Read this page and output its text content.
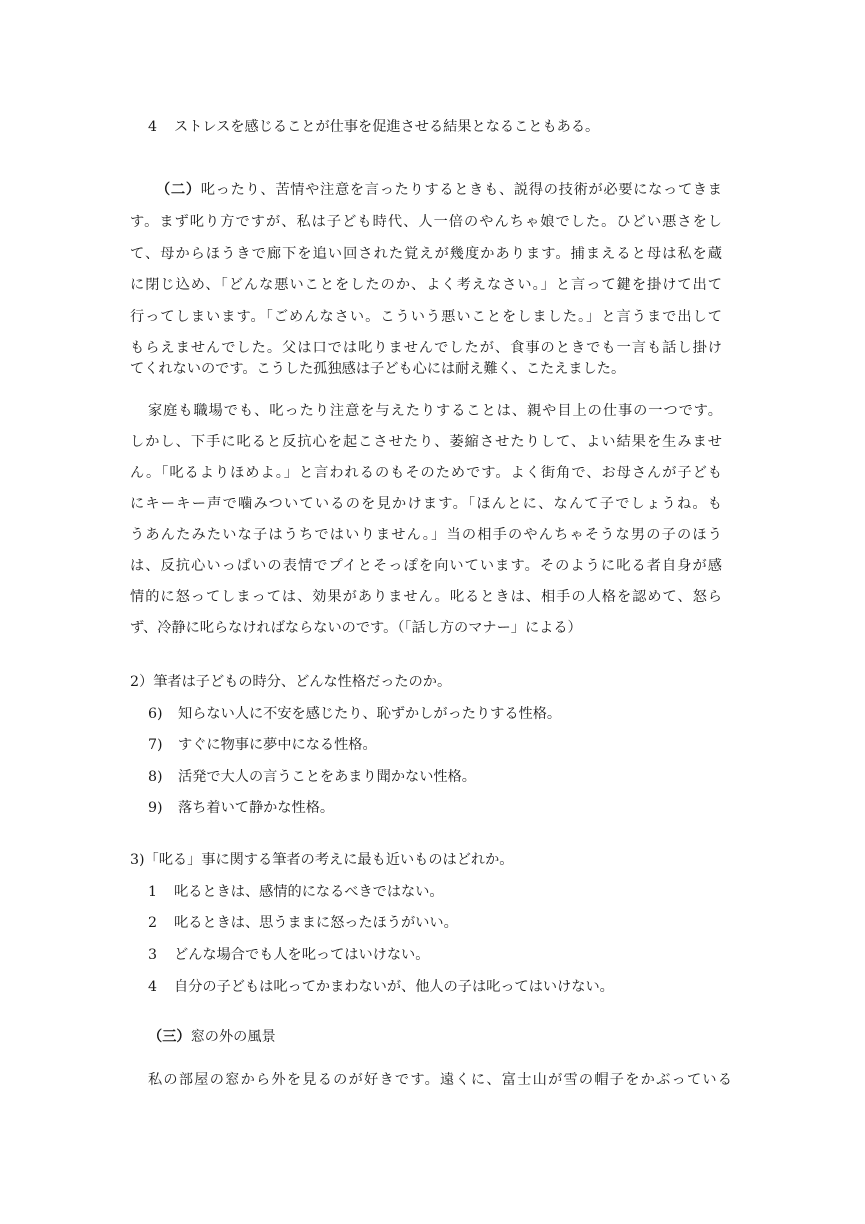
4 ストレスを感じることが仕事を促進させる結果となることもある。
（二）叱ったり、苦情や注意を言ったりするときも、説得の技術が必要になってきま
す。まず叱り方ですが、私は子ども時代、人一倍のやんちゃ娘でした。ひどい悪さをし
て、母からほうきで廊下を追い回された覚えが幾度かあります。捕まえると母は私を蔵
に閉じ込め、「どんな悪いことをしたのか、よく考えなさい。」と言って鍵を掛けて出て
行ってしまいます。「ごめんなさい。こういう悪いことをしました。」と言うまで出して
もらえませんでした。父は口では叱りませんでしたが、食事のときでも一言も話し掛け
てくれないのです。こうした孤独感は子ども心には耐え難く、こたえました。
家庭も職場でも、叱ったり注意を与えたりすることは、親や目上の仕事の一つです。
しかし、下手に叱ると反抗心を起こさせたり、萎縮させたりして、よい結果を生みませ
ん。「叱るよりほめよ。」と言われるのもそのためです。よく街角で、お母さんが子ども
にキーキー声で噛みついているのを見かけます。「ほんとに、なんて子でしょうね。も
うあんたみたいな子はうちではいりません。」当の相手のやんちゃそうな男の子のほう
は、反抗心いっぱいの表情でプイとそっぽを向いています。そのように叱る者自身が感
情的に怒ってしまっては、効果がありません。叱るときは、相手の人格を認めて、怒ら
ず、冷静に叱らなければならないのです。（「話し方のマナー」による）
2）筆者は子どもの時分、どんな性格だったのか。
6) 知らない人に不安を感じたり、恥ずかしがったりする性格。
7) すぐに物事に夢中になる性格。
8) 活発で大人の言うことをあまり聞かない性格。
9) 落ち着いて静かな性格。
3)「叱る」事に関する筆者の考えに最も近いものはどれか。
1 叱るときは、感情的になるべきではない。
2 叱るときは、思うままに怒ったほうがいい。
3 どんな場合でも人を叱ってはいけない。
4 自分の子どもは叱ってかまわないが、他人の子は叱ってはいけない。
（三）窓の外の風景
私の部屋の窓から外を見るのが好きです。遠くに、富士山が雪の帽子をかぶっている
